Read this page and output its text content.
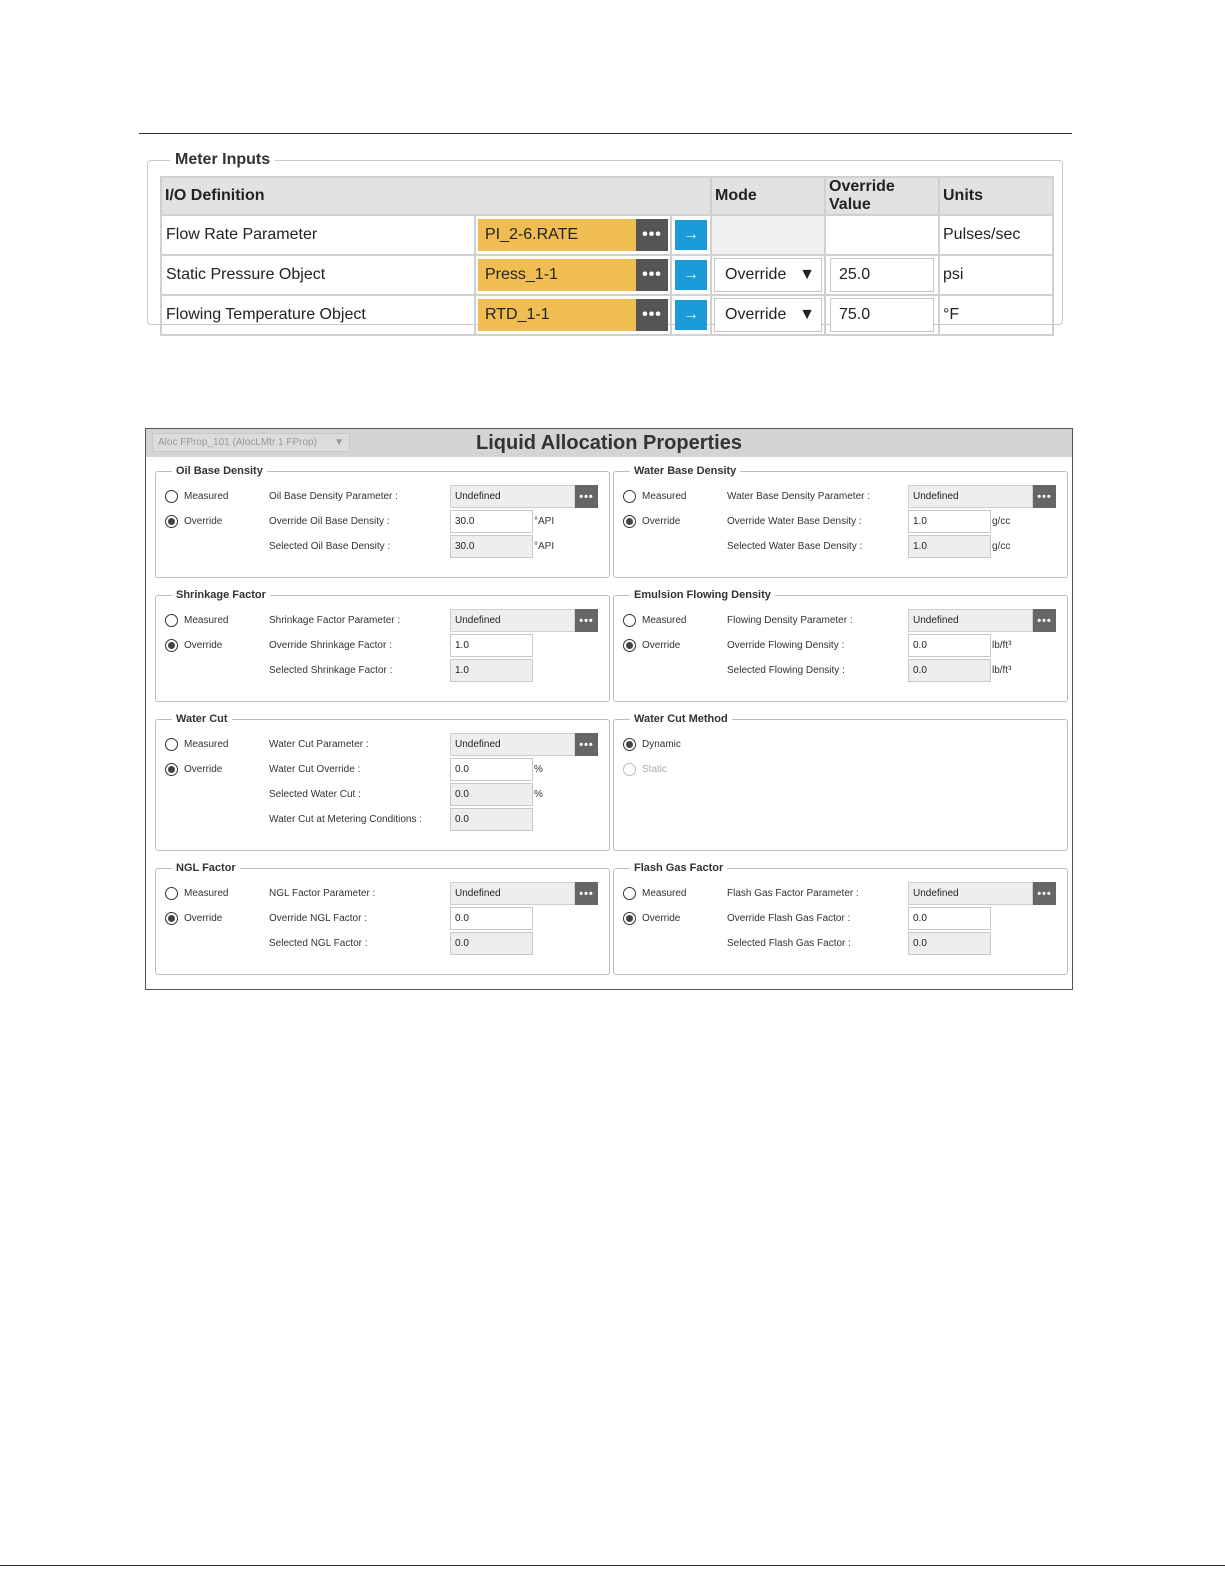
Meter Inputs
I/O Definition			Mode	Override Value	Units
Flow Rate Parameter	PI_2-6.RATE •••	→			Pulses/sec
Static Pressure Object	Press_1-1 •••	→	Override ▼	25.0	psi
Flowing Temperature Object	RTD_1-1 •••	→	Override ▼	75.0	°F
Aloc FProp_101 (AlocLMtr 1 FProp) ▼	Liquid Allocation Properties
Oil Base Density
Measured
Override
Oil Base Density Parameter :	Undefined	•••
Override Oil Base Density :	30.0	°API
Selected Oil Base Density :	30.0	°API
Water Base Density
Measured
Override
Water Base Density Parameter :	Undefined	•••
Override Water Base Density :	1.0	g/cc
Selected Water Base Density :	1.0	g/cc
Shrinkage Factor
Measured
Override
Shrinkage Factor Parameter :	Undefined	•••
Override Shrinkage Factor :	1.0
Selected Shrinkage Factor :	1.0
Emulsion Flowing Density
Measured
Override
Flowing Density Parameter :	Undefined	•••
Override Flowing Density :	0.0	lb/ft³
Selected Flowing Density :	0.0	lb/ft³
Water Cut
Measured
Override
Water Cut Parameter :	Undefined	•••
Water Cut Override :	0.0	%
Selected Water Cut :	0.0	%
Water Cut at Metering Conditions :	0.0
Water Cut Method
Dynamic
Static
NGL Factor
Measured
Override
NGL Factor Parameter :	Undefined	•••
Override NGL Factor :	0.0
Selected NGL Factor :	0.0
Flash Gas Factor
Measured
Override
Flash Gas Factor Parameter :	Undefined	•••
Override Flash Gas Factor :	0.0
Selected Flash Gas Factor :	0.0
